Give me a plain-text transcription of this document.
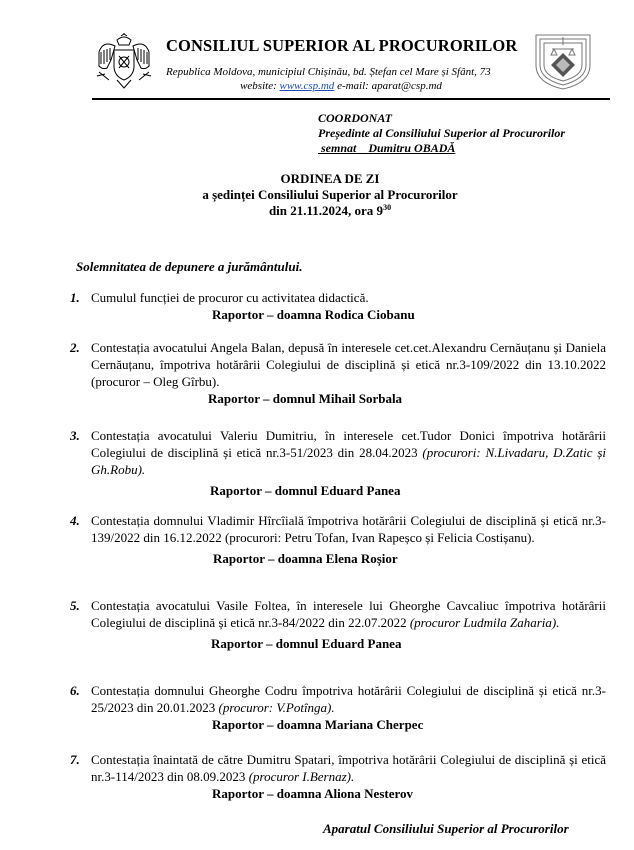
CONSILIUL SUPERIOR AL PROCURORILOR
Republica Moldova, municipiul Chișinău, bd. Ștefan cel Mare și Sfânt, 73
website: www.csp.md e-mail: aparat@csp.md
COORDONAT
Președinte al Consiliului Superior al Procurorilor
semnat Dumitru OBADĂ
ORDINEA DE ZI
a ședinței Consiliului Superior al Procurorilor
din 21.11.2024, ora $9^{30}$
Solemnitatea de depunere a jurământului.
1. Cumulul funcției de procuror cu activitatea didactică.
Raportor – doamna Rodica Ciobanu
2. Contestația avocatului Angela Balan, depusă în interesele cet.cet.Alexandru Cernăuțanu și Daniela Cernăuțanu, împotriva hotărârii Colegiului de disciplină și etică nr.3-109/2022 din 13.10.2022 (procuror – Oleg Gîrbu).
Raportor – domnul Mihail Sorbala
3. Contestația avocatului Valeriu Dumitriu, în interesele cet.Tudor Donici împotriva hotărârii Colegiului de disciplină și etică nr.3-51/2023 din 28.04.2023 (procurori: N.Livadaru, D.Zatic și Gh.Robu).
Raportor – domnul Eduard Panea
4. Contestația domnului Vladimir Hîrcîială împotriva hotărârii Colegiului de disciplină și etică nr.3-139/2022 din 16.12.2022 (procurori: Petru Tofan, Ivan Rapeșco și Felicia Costișanu).
Raportor – doamna Elena Roșior
5. Contestația avocatului Vasile Foltea, în interesele lui Gheorghe Cavcaliuc împotriva hotărârii Colegiului de disciplină și etică nr.3-84/2022 din 22.07.2022 (procuror Ludmila Zaharia).
Raportor – domnul Eduard Panea
6. Contestația domnului Gheorghe Codru împotriva hotărârii Colegiului de disciplină și etică nr.3-25/2023 din 20.01.2023 (procuror: V.Potînga).
Raportor – doamna Mariana Cherpec
7. Contestația înaintată de către Dumitru Spatari, împotriva hotărârii Colegiului de disciplină și etică nr.3-114/2023 din 08.09.2023 (procuror I.Bernaz).
Raportor – doamna Aliona Nesterov
Aparatul Consiliului Superior al Procurorilor
